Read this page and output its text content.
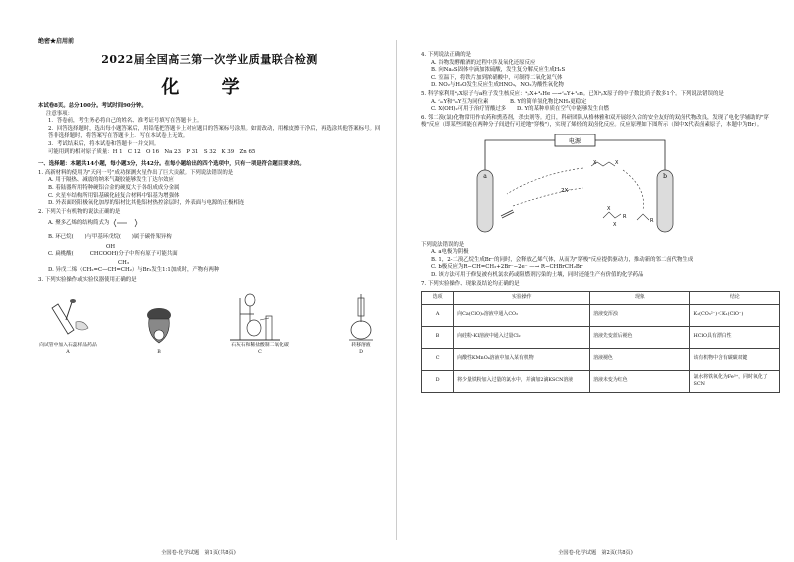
绝密★启用前
2022届全国高三第一次学业质量联合检测
化 学
本试卷8页。总分100分。考试时间90分钟。
注意事项：
1．答卷前，考生务必将自己的姓名、准考证号填写在答题卡上。
2．回答选择题时，选出每小题答案后，用铅笔把答题卡上对应题目的答案标号涂黑。如需改动，用橡皮擦干净后，再选涂其他答案标号。回答非选择题时，将答案写在答题卡上．写在本试卷上无效。
3．考试结束后，将本试卷和答题卡一并交回。
可能用到的相对原子质量：H 1　C 12　O 16　Na 23　P 31　S 32　K 39　Zn 65
一、选择题：本题共14小题，每小题3分，共42分。在每小题给出的四个选项中，只有一项是符合题目要求的。
1. 高新材料的使用为"天问一号"成功探测火星作出了巨大贡献。下列说法错误的是
A. 用于隔热、减震的纳米气凝胶能够发生丁达尔效应
B. 着陆器所用特种硬铝合金的硬度大于各组成成分金属
C. 火星车结构所用铝基碳化硅复合材料中铝基为增强体
D. 外表面经阳极氧化加厚的铝材比其他铝材热控涂层时，外表面与电源的正极相连
2. 下列关于有机物的说法正确的是
A. 聚多乙烯的结构简式为
B. 环已烷(　　)与甲基环戊烷(　　)属于碳骨架异构
OH
C. 扁桃酸(　　　CHCOOH)分子中所有原子可能共面
CH₃
D. 异戊二烯（CH₂=C—CH=CH₂）与Br₂发生1:1加成时，产物有两种
3. 下列实验操作或实验仪器使用正确的是
向试管中加入石蕊样品药品
A	B
石灰石和稀盐酸制二氧化碳
C
转移溶液
D
全国卷·化学试题　第1页(共8页)
4. 下列说法正确的是
A. 谷物发酵酿酒的过程中涉及氧化还原反应
B. 向Na₂S固体中滴加浓硫酸，发生复分解反应生成H₂S
C. 室温下，将铁片加到浓硝酸中，可制得二氧化氮气体
D. NO₂与H₂O发生反应生成HNO₃，NO₂为酸性氧化物
5. 科学家利用ᵃₚX原子与a粒子发生核反应：ᵃₚX+⁴₂He —→ᶜₘY+¹₀n。已知ᵃₚX原子的中子数比质子数多1个。下列说法错误的是
A. ᶜₘY和ᵈₘY互为同位素　　　　B. Y的简单氢化物比NH₃更稳定
C. X(OH)₂可用于治疗胃酸过多　　D. Y的某种单质在空气中能够发生自燃
6. 邻二溴(氯)化物常用作农药和熏蒸剂，杀虫剂等。近日，科研团队从格林雅和双开展经久合的安全友好的双卤代物改良，发现了电化学辅助的"穿梭"反应（即某些团能在两种分子间进行可逆地"穿梭"），实现了烯烃的双卤化反应。反应原理如下图所示（图中X代表卤素原子，本题中为Br）。
电源
a	b
X	X
2X⁻
X
X
R
R
下列说法错误的是
A. a电极为阴极
B. 1，2-二溴乙烷生成Br⁻的同时，会释放乙烯气体，从而为"穿梭"反应提供驱动力，推动新的邻二卤代物生成
C. b极反应为R−CH=CH₂+2Br⁻−2e⁻ —→ R−CHBrCH₂Br
D. 该方法可用于修复被有机氯农药或阻燃剂污染的土壤，同时还能生产有价值的化学药品
7. 下列实验操作、现象及结论均正确的是
选项	实验操作	现象	结论
A	向Ca(ClO)₂溶液中通入CO₂	溶液变浑浊	K₁(CO₃²⁻)＜K₁(ClO⁻)
B	向硅粉-KI溶液中通入过量Cl₂	溶液先变蓝后褪色	HClO具有漂白性
C	向酸性KMnO₄溶液中加入某有机物	溶液褪色	该有机物中含有碳碳双键
D	将少量铁粉加入过量的氯水中，并滴加2滴KSCN溶液	溶液未变为红色	氯水将铁氧化为Fe³⁺，同时氧化了SCN
全国卷·化学试题　第2页(共8页)
